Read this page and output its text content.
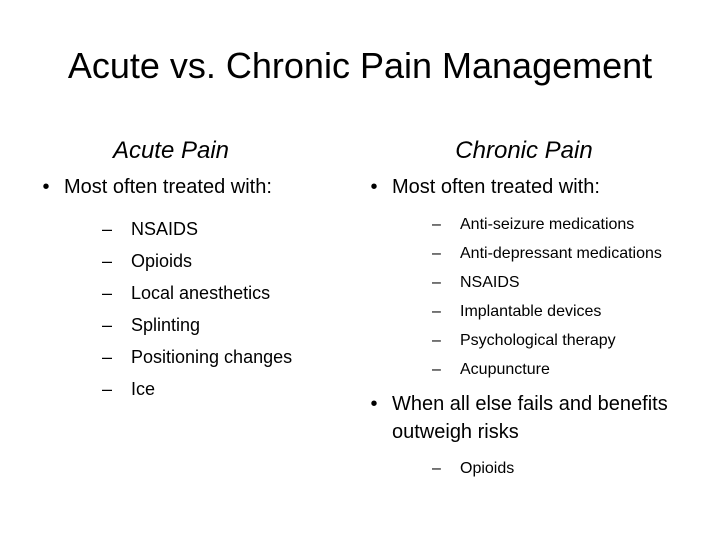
Acute vs. Chronic Pain Management
Acute Pain
• Most often treated with:
– NSAIDS
– Opioids
– Local anesthetics
– Splinting
– Positioning changes
– Ice
Chronic Pain
• Most often treated with:
– Anti-seizure medications
– Anti-depressant medications
– NSAIDS
– Implantable devices
– Psychological therapy
– Acupuncture
• When all else fails and benefits outweigh risks
– Opioids
